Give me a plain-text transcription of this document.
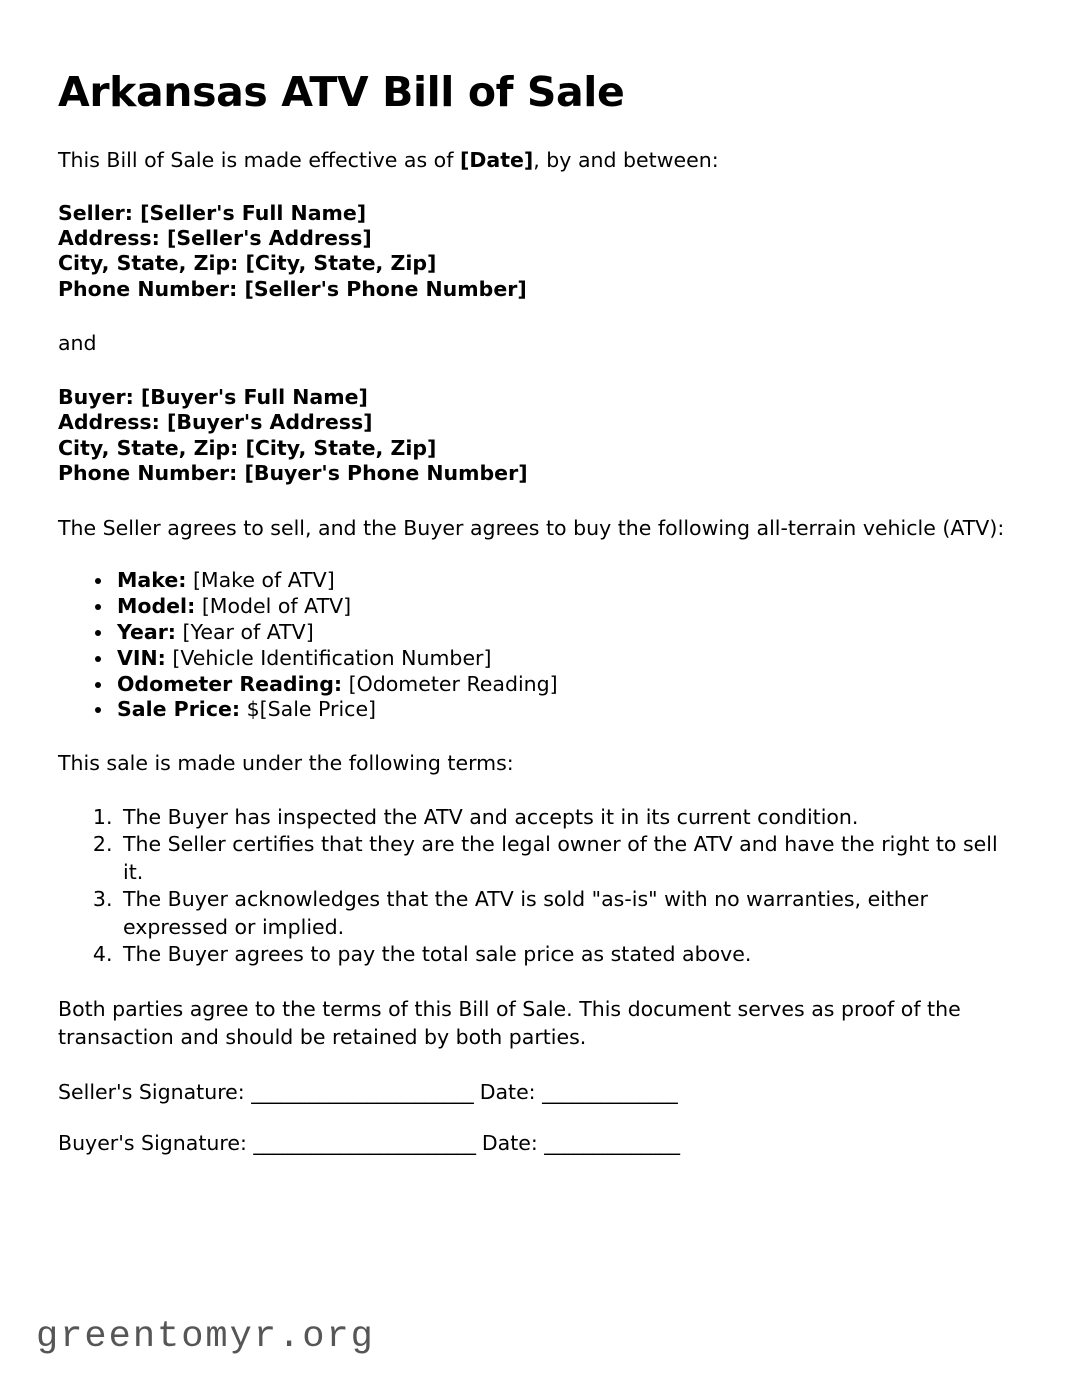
Arkansas ATV Bill of Sale

This Bill of Sale is made effective as of [Date], by and between:

Seller: [Seller's Full Name]
Address: [Seller's Address]
City, State, Zip: [City, State, Zip]
Phone Number: [Seller's Phone Number]

and

Buyer: [Buyer's Full Name]
Address: [Buyer's Address]
City, State, Zip: [City, State, Zip]
Phone Number: [Buyer's Phone Number]

The Seller agrees to sell, and the Buyer agrees to buy the following all-terrain vehicle (ATV):

• Make: [Make of ATV]
• Model: [Model of ATV]
• Year: [Year of ATV]
• VIN: [Vehicle Identification Number]
• Odometer Reading: [Odometer Reading]
• Sale Price: $[Sale Price]

This sale is made under the following terms:

1. The Buyer has inspected the ATV and accepts it in its current condition.
2. The Seller certifies that they are the legal owner of the ATV and have the right to sell it.
3. The Buyer acknowledges that the ATV is sold "as-is" with no warranties, either expressed or implied.
4. The Buyer agrees to pay the total sale price as stated above.

Both parties agree to the terms of this Bill of Sale. This document serves as proof of the transaction and should be retained by both parties.

Seller's Signature: _______________________ Date: ______________
Buyer's Signature: _______________________ Date: ______________
greentomyr.org
